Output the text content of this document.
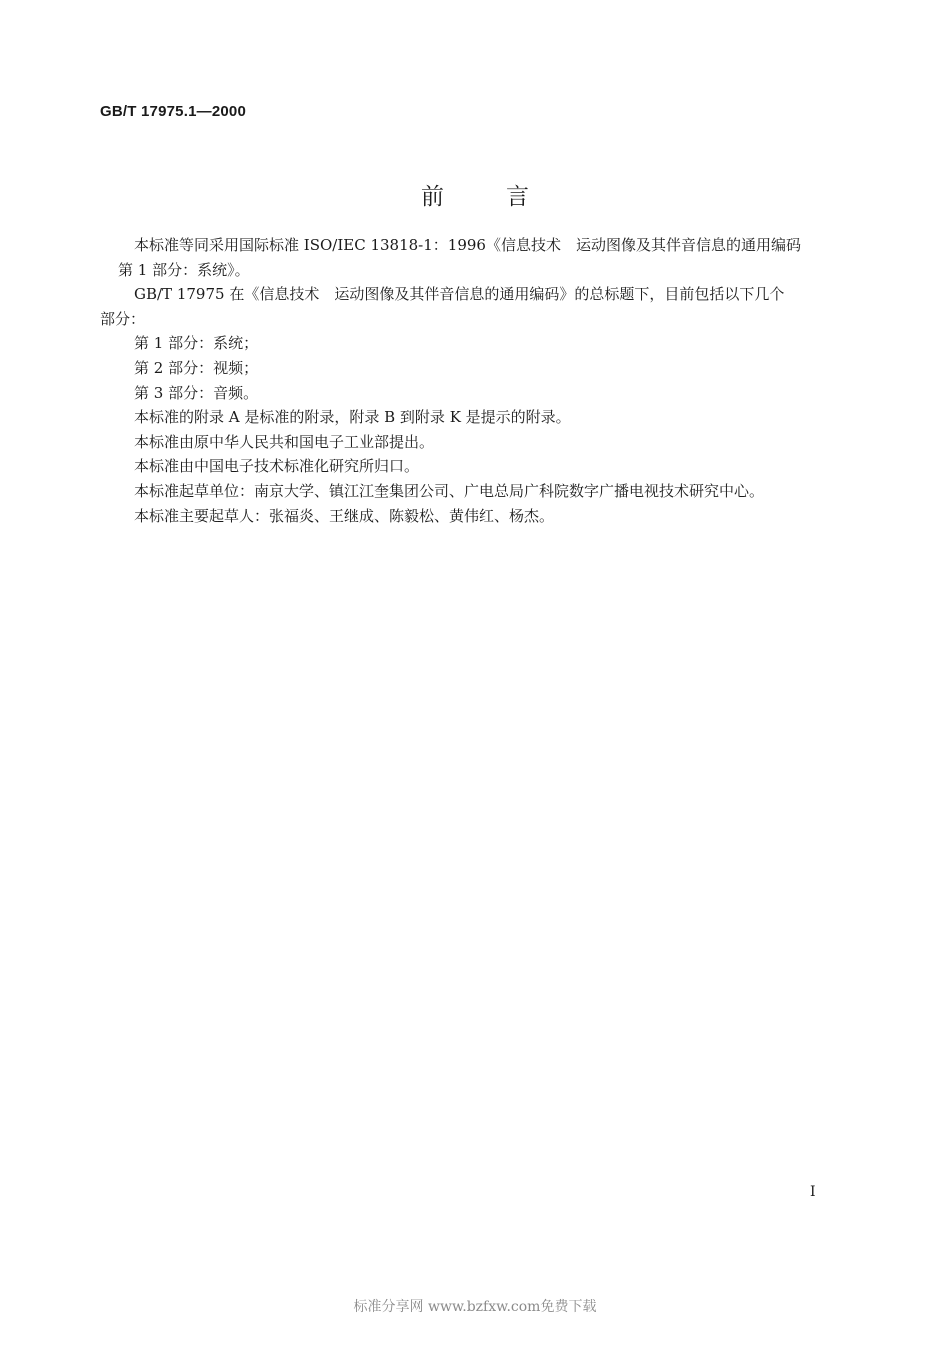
GB/T 17975.1—2000
前言

本标准等同采用国际标准 ISO/IEC 13818-1：1996《信息技术　运动图像及其伴音信息的通用编码
第 1 部分：系统》。

GB/T 17975 在《信息技术　运动图像及其伴音信息的通用编码》的总标题下，目前包括以下几个
部分：

第 1 部分：系统；

第 2 部分：视频；

第 3 部分：音频。

本标准的附录 A 是标准的附录，附录 B 到附录 K 是提示的附录。

本标准由原中华人民共和国电子工业部提出。

本标准由中国电子技术标准化研究所归口。

本标准起草单位：南京大学、镇江江奎集团公司、广电总局广科院数字广播电视技术研究中心。

本标准主要起草人：张福炎、王继成、陈毅松、黄伟红、杨杰。

I
标准分享网 www.bzfxw.com免费下载
